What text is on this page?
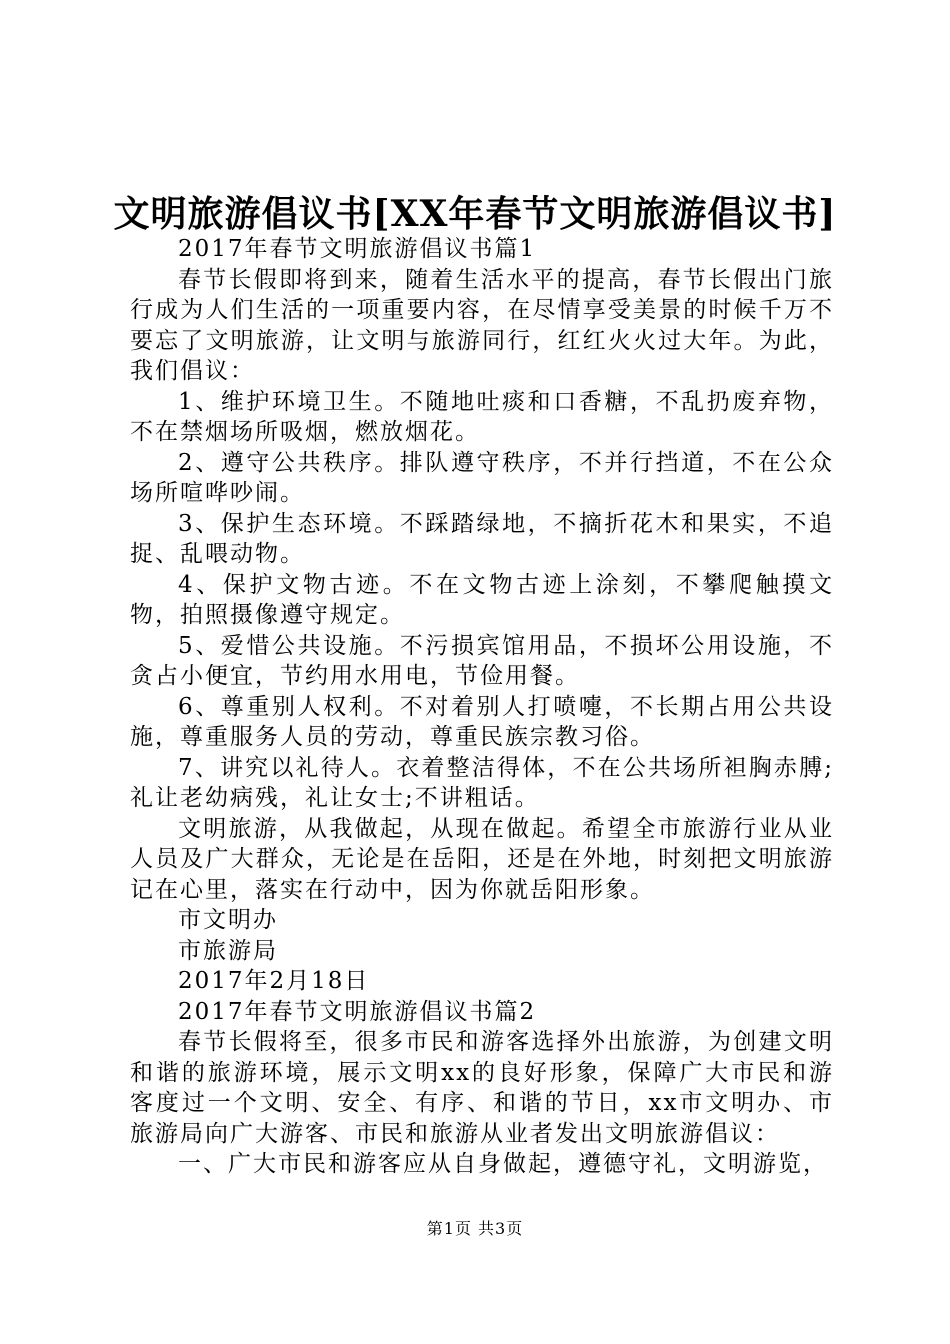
文明旅游倡议书[XX年春节文明旅游倡议书]

2017年春节文明旅游倡议书篇1

春节长假即将到来，随着生活水平的提高，春节长假出门旅行成为人们生活的一项重要内容，在尽情享受美景的时候千万不要忘了文明旅游，让文明与旅游同行，红红火火过大年。为此，我们倡议：

1、维护环境卫生。不随地吐痰和口香糖，不乱扔废弃物，不在禁烟场所吸烟，燃放烟花。

2、遵守公共秩序。排队遵守秩序，不并行挡道，不在公众场所喧哗吵闹。

3、保护生态环境。不踩踏绿地，不摘折花木和果实，不追捉、乱喂动物。

4、保护文物古迹。不在文物古迹上涂刻，不攀爬触摸文物，拍照摄像遵守规定。

5、爱惜公共设施。不污损宾馆用品，不损坏公用设施，不贪占小便宜，节约用水用电，节俭用餐。

6、尊重别人权利。不对着别人打喷嚏，不长期占用公共设施，尊重服务人员的劳动，尊重民族宗教习俗。

7、讲究以礼待人。衣着整洁得体，不在公共场所袒胸赤膊;礼让老幼病残，礼让女士;不讲粗话。

文明旅游，从我做起，从现在做起。希望全市旅游行业从业人员及广大群众，无论是在岳阳，还是在外地，时刻把文明旅游记在心里，落实在行动中，因为你就岳阳形象。

市文明办

市旅游局

2017年2月18日

2017年春节文明旅游倡议书篇2

春节长假将至，很多市民和游客选择外出旅游，为创建文明和谐的旅游环境，展示文明xx的良好形象，保障广大市民和游客度过一个文明、安全、有序、和谐的节日，xx市文明办、市旅游局向广大游客、市民和旅游从业者发出文明旅游倡议：

一、广大市民和游客应从自身做起，遵德守礼，文明游览，

第1页 共3页
